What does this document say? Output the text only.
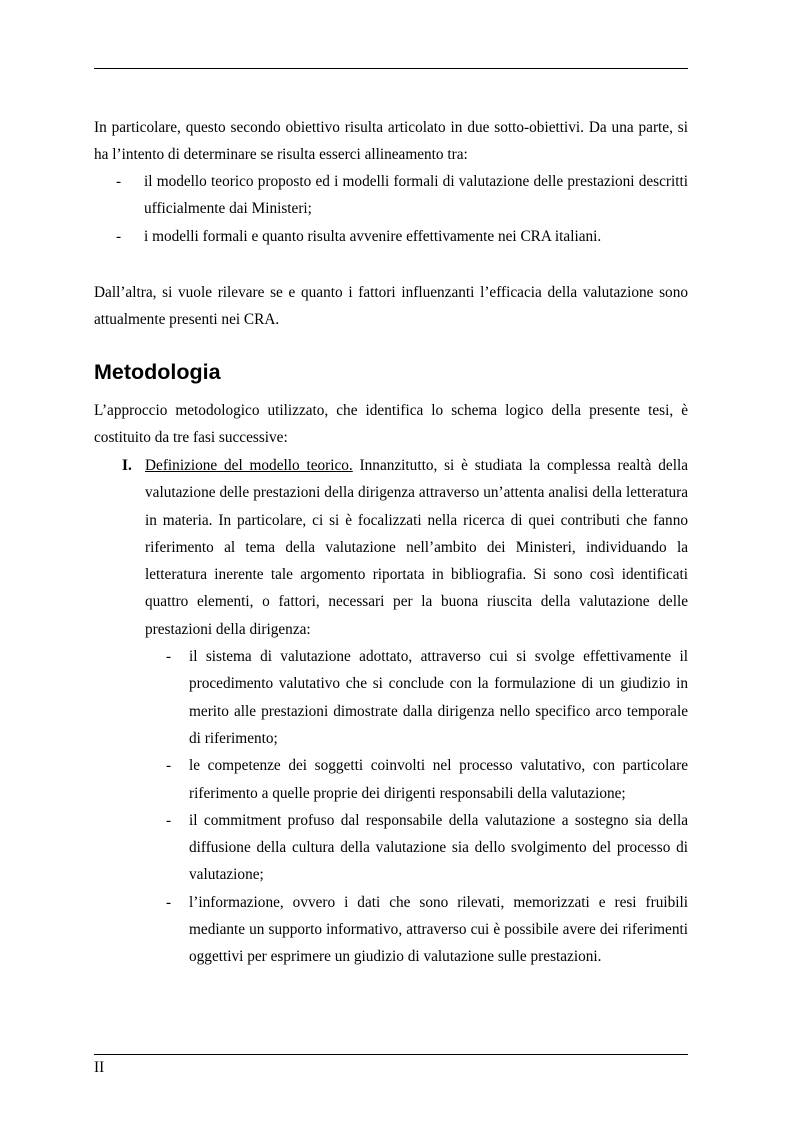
In particolare, questo secondo obiettivo risulta articolato in due sotto-obiettivi. Da una parte, si ha l’intento di determinare se risulta esserci allineamento tra:

- il modello teorico proposto ed i modelli formali di valutazione delle prestazioni descritti ufficialmente dai Ministeri;
- i modelli formali e quanto risulta avvenire effettivamente nei CRA italiani.

Dall’altra, si vuole rilevare se e quanto i fattori influenzanti l’efficacia della valutazione sono attualmente presenti nei CRA.

Metodologia

L’approccio metodologico utilizzato, che identifica lo schema logico della presente tesi, è costituito da tre fasi successive:

I. Definizione del modello teorico. Innanzitutto, si è studiata la complessa realtà della valutazione delle prestazioni della dirigenza attraverso un’attenta analisi della letteratura in materia. In particolare, ci si è focalizzati nella ricerca di quei contributi che fanno riferimento al tema della valutazione nell’ambito dei Ministeri, individuando la letteratura inerente tale argomento riportata in bibliografia. Si sono così identificati quattro elementi, o fattori, necessari per la buona riuscita della valutazione delle prestazioni della dirigenza:
- il sistema di valutazione adottato, attraverso cui si svolge effettivamente il procedimento valutativo che si conclude con la formulazione di un giudizio in merito alle prestazioni dimostrate dalla dirigenza nello specifico arco temporale di riferimento;
- le competenze dei soggetti coinvolti nel processo valutativo, con particolare riferimento a quelle proprie dei dirigenti responsabili della valutazione;
- il commitment profuso dal responsabile della valutazione a sostegno sia della diffusione della cultura della valutazione sia dello svolgimento del processo di valutazione;
- l’informazione, ovvero i dati che sono rilevati, memorizzati e resi fruibili mediante un supporto informativo, attraverso cui è possibile avere dei riferimenti oggettivi per esprimere un giudizio di valutazione sulle prestazioni.
II
